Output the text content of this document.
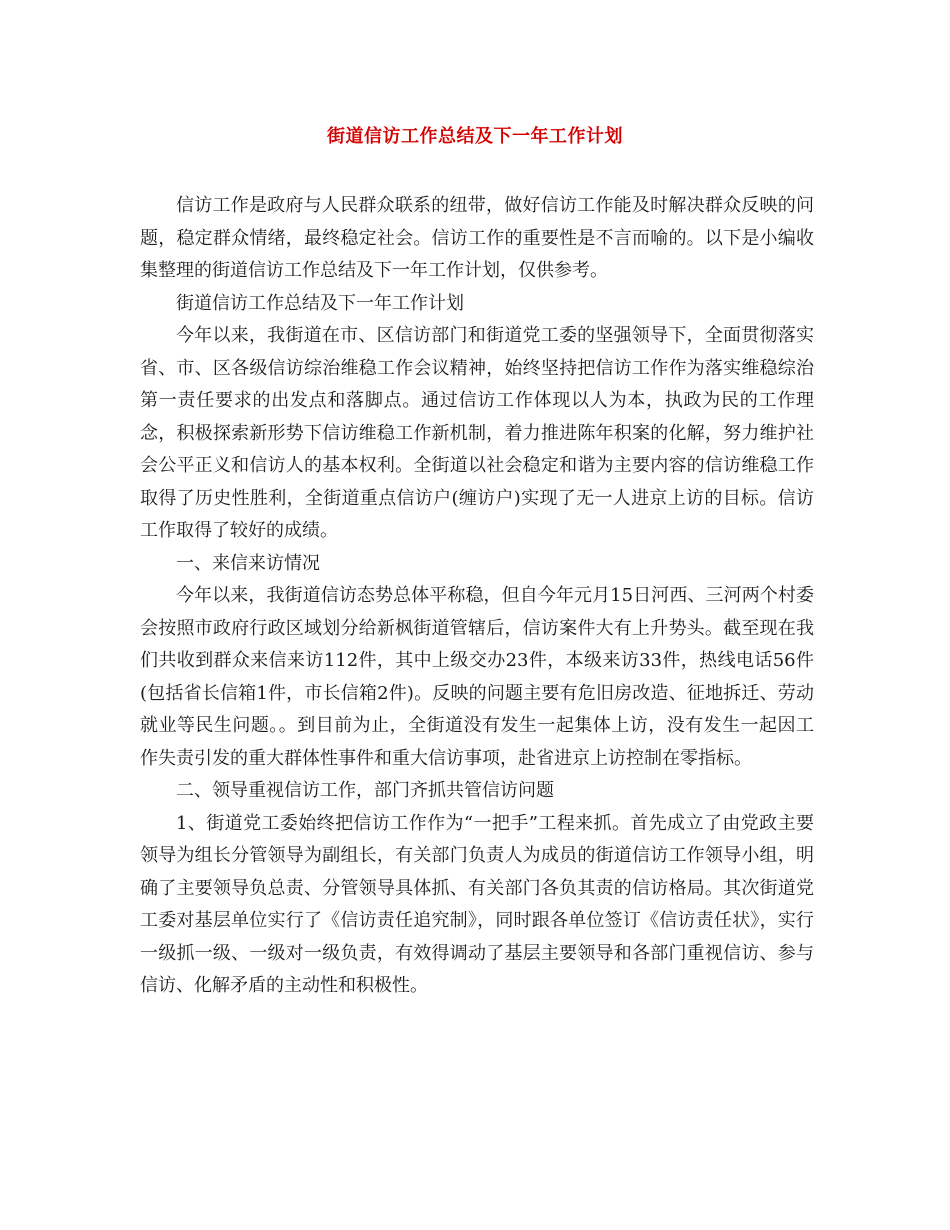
街道信访工作总结及下一年工作计划

信访工作是政府与人民群众联系的纽带，做好信访工作能及时解决群众反映的问题，稳定群众情绪，最终稳定社会。信访工作的重要性是不言而喻的。以下是小编收集整理的街道信访工作总结及下一年工作计划，仅供参考。

街道信访工作总结及下一年工作计划

今年以来，我街道在市、区信访部门和街道党工委的坚强领导下，全面贯彻落实省、市、区各级信访综治维稳工作会议精神，始终坚持把信访工作作为落实维稳综治第一责任要求的出发点和落脚点。通过信访工作体现以人为本，执政为民的工作理念，积极探索新形势下信访维稳工作新机制，着力推进陈年积案的化解，努力维护社会公平正义和信访人的基本权利。全街道以社会稳定和谐为主要内容的信访维稳工作取得了历史性胜利，全街道重点信访户(缠访户)实现了无一人进京上访的目标。信访工作取得了较好的成绩。

一、来信来访情况

今年以来，我街道信访态势总体平称稳，但自今年元月15日河西、三河两个村委会按照市政府行政区域划分给新枫街道管辖后，信访案件大有上升势头。截至现在我们共收到群众来信来访112件，其中上级交办23件，本级来访33件，热线电话56件(包括省长信箱1件，市长信箱2件)。反映的问题主要有危旧房改造、征地拆迁、劳动就业等民生问题。。到目前为止，全街道没有发生一起集体上访，没有发生一起因工作失责引发的重大群体性事件和重大信访事项，赴省进京上访控制在零指标。

二、领导重视信访工作，部门齐抓共管信访问题

1、街道党工委始终把信访工作作为“一把手”工程来抓。首先成立了由党政主要领导为组长分管领导为副组长，有关部门负责人为成员的街道信访工作领导小组，明确了主要领导负总责、分管领导具体抓、有关部门各负其责的信访格局。其次街道党工委对基层单位实行了《信访责任追究制》，同时跟各单位签订《信访责任状》，实行一级抓一级、一级对一级负责，有效得调动了基层主要领导和各部门重视信访、参与信访、化解矛盾的主动性和积极性。
